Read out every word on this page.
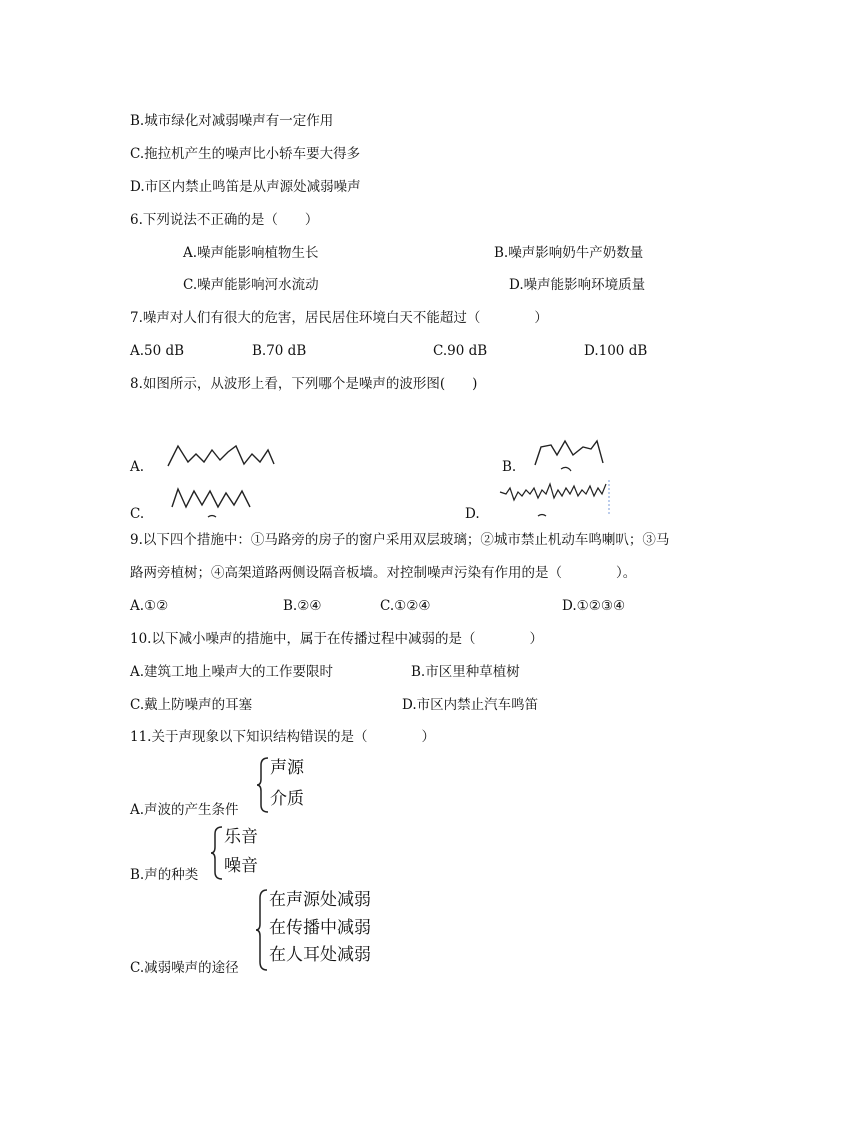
B.城市绿化对减弱噪声有一定作用
C.拖拉机产生的噪声比小轿车要大得多
D.市区内禁止鸣笛是从声源处减弱噪声
6.下列说法不正确的是（　　）
A.噪声能影响植物生长	B.噪声影响奶牛产奶数量
C.噪声能影响河水流动	D.噪声能影响环境质量
7.噪声对人们有很大的危害，居民居住环境白天不能超过（　　　　）
A.50 dB	B.70 dB	C.90 dB	D.100 dB
8.如图所示，从波形上看，下列哪个是噪声的波形图(　　)
A.	B.
C.	D.
9.以下四个措施中：①马路旁的房子的窗户采用双层玻璃；②城市禁止机动车鸣喇叭；③马
路两旁植树；④高架道路两侧设隔音板墙。对控制噪声污染有作用的是（　　　　）。
A.①②	B.②④	C.①②④	D.①②③④
10.以下减小噪声的措施中，属于在传播过程中减弱的是（　　　　）
A.建筑工地上噪声大的工作要限时	B.市区里种草植树
C.戴上防噪声的耳塞	D.市区内禁止汽车鸣笛
11.关于声现象以下知识结构错误的是（　　　　）
声源
介质
A.声波的产生条件
乐音
噪音
B.声的种类
在声源处减弱
在传播中减弱
在人耳处减弱
C.减弱噪声的途径
